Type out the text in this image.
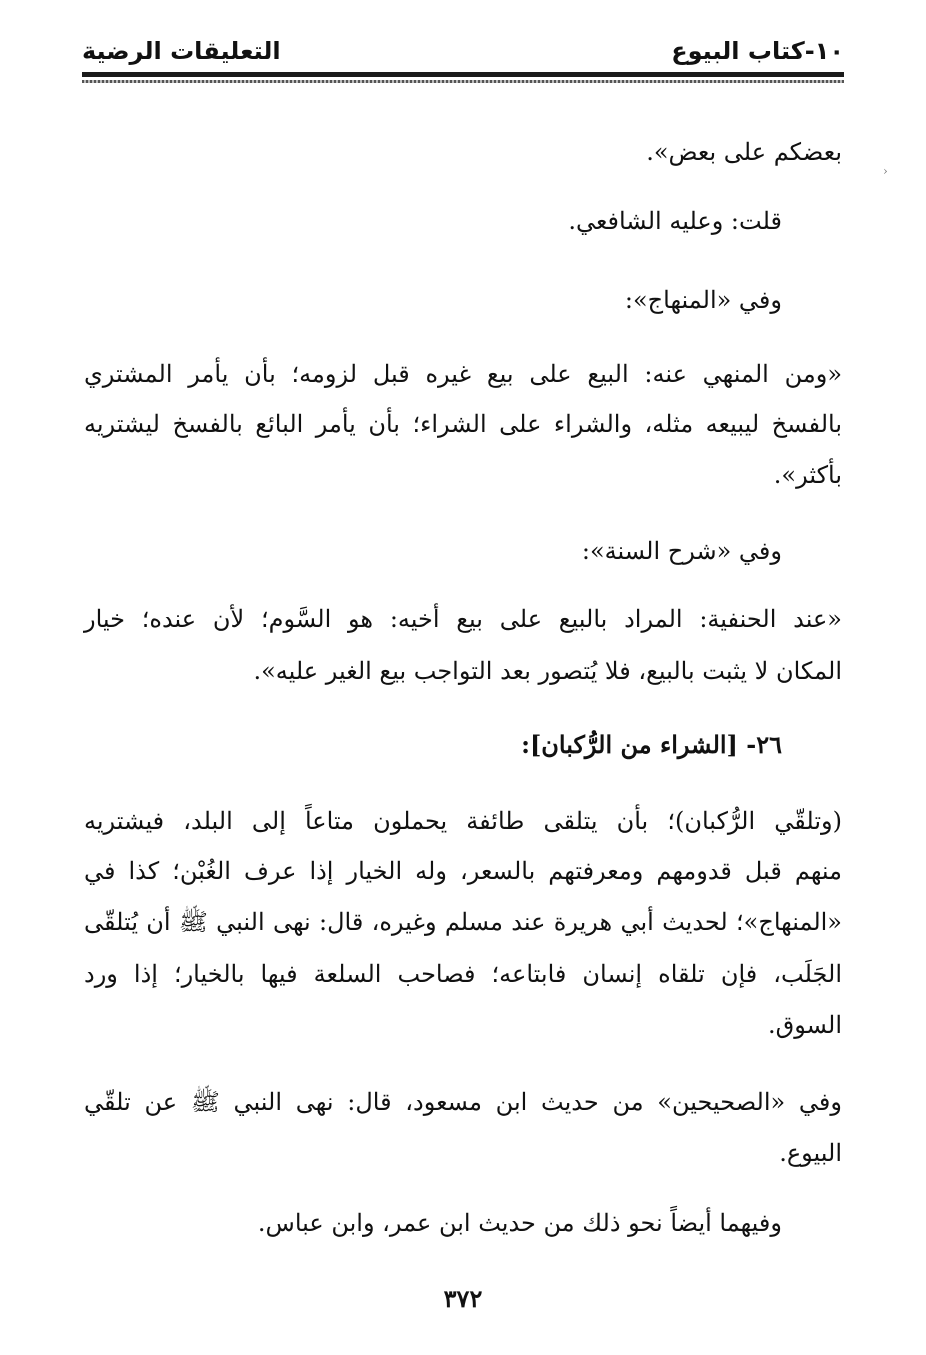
١٠-كتاب البيوع
التعليقات الرضية
›
بعضكم على بعض».
قلت: وعليه الشافعي.
وفي «المنهاج»:
«ومن المنهي عنه: البيع على بيع غيره قبل لزومه؛ بأن يأمر المشتري
بالفسخ ليبيعه مثله، والشراء على الشراء؛ بأن يأمر البائع بالفسخ ليشتريه
بأكثر».
وفي «شرح السنة»:
«عند الحنفية: المراد بالبيع على بيع أخيه: هو السَّوم؛ لأن عنده؛ خيار
المكان لا يثبت بالبيع، فلا يُتصور بعد التواجب بيع الغير عليه».
٢٦- [الشراء من الرُّكبان]:
(وتلقّي الرُّكبان)؛ بأن يتلقى طائفة يحملون متاعاً إلى البلد، فيشتريه
منهم قبل قدومهم ومعرفتهم بالسعر، وله الخيار إذا عرف الغُبْن؛ كذا في
«المنهاج»؛ لحديث أبي هريرة عند مسلم وغيره، قال: نهى النبي ﷺ أن يُتلقّى
الجَلَب، فإن تلقاه إنسان فابتاعه؛ فصاحب السلعة فيها بالخيار؛ إذا ورد
السوق.
وفي «الصحيحين» من حديث ابن مسعود، قال: نهى النبي ﷺ عن تلقّي
البيوع.
وفيهما أيضاً نحو ذلك من حديث ابن عمر، وابن عباس.
٣٧٢
